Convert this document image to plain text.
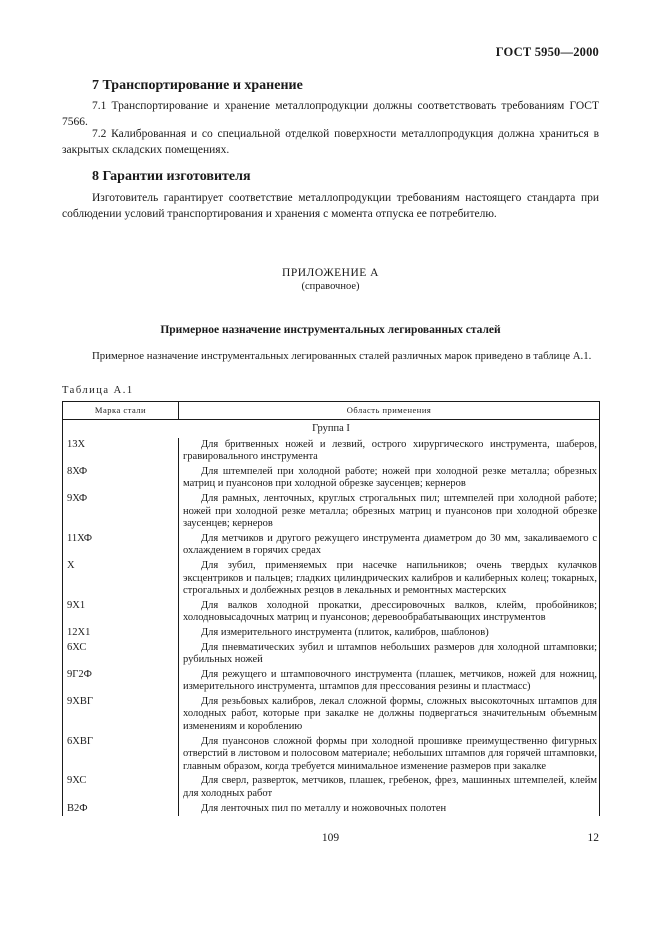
ГОСТ 5950—2000
7 Транспортирование и хранение
7.1 Транспортирование и хранение металлопродукции должны соответствовать требованиям ГОСТ 7566.
7.2 Калиброванная и со специальной отделкой поверхности металлопродукция должна храниться в закрытых складских помещениях.
8 Гарантии изготовителя
Изготовитель гарантирует соответствие металлопродукции требованиям настоящего стандарта при соблюдении условий транспортирования и хранения с момента отпуска ее потребителю.
ПРИЛОЖЕНИЕ А
(справочное)
Примерное назначение инструментальных легированных сталей
Примерное назначение инструментальных легированных сталей различных марок приведено в таблице А.1.
Таблица А.1
Марка стали	Область применения
Группа I	
13Х	Для бритвенных ножей и лезвий, острого хирургического инструмента, шаберов, гравировального инструмента
8ХФ	Для штемпелей при холодной работе; ножей при холодной резке металла; обрезных матриц и пуансонов при холодной обрезке заусенцев; кернеров
9ХФ	Для рамных, ленточных, круглых строгальных пил; штемпелей при холодной работе; ножей при холодной резке металла; обрезных матриц и пуансонов при холодной обрезке заусенцев; кернеров
11ХФ	Для метчиков и другого режущего инструмента диаметром до 30 мм, закаливаемого с охлаждением в горячих средах
Х	Для зубил, применяемых при насечке напильников; очень твердых кулачков эксцентриков и пальцев; гладких цилиндрических калибров и калиберных колец; токарных, строгальных и долбежных резцов в лекальных и ремонтных мастерских
9Х1	Для валков холодной прокатки, дрессировочных валков, клейм, пробойников; холодновысадочных матриц и пуансонов; деревообрабатывающих инструментов
12Х1	Для измерительного инструмента (плиток, калибров, шаблонов)
6ХС	Для пневматических зубил и штампов небольших размеров для холодной штамповки; рубильных ножей
9Г2Ф	Для режущего и штамповочного инструмента (плашек, метчиков, ножей для ножниц, измерительного инструмента, штампов для прессования резины и пластмасс)
9ХВГ	Для резьбовых калибров, лекал сложной формы, сложных высокоточных штампов для холодных работ, которые при закалке не должны подвергаться значительным объемным изменениям и короблению
6ХВГ	Для пуансонов сложной формы при холодной прошивке преимущественно фигурных отверстий в листовом и полосовом материале; небольших штампов для горячей штамповки, главным образом, когда требуется минимальное изменение размеров при закалке
9ХС	Для сверл, разверток, метчиков, плашек, гребенок, фрез, машинных штемпелей, клейм для холодных работ
В2Ф	Для ленточных пил по металлу и ножовочных полотен
109	12
